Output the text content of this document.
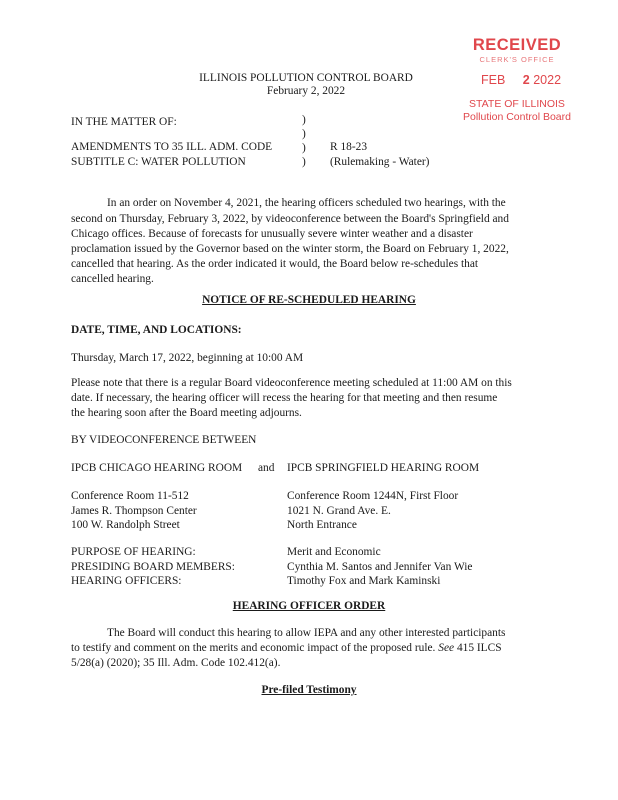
RECEIVED
CLERK'S OFFICE
FEB 2 2022
STATE OF ILLINOIS
Pollution Control Board
ILLINOIS POLLUTION CONTROL BOARD
February 2, 2022
IN THE MATTER OF:
AMENDMENTS TO 35 ILL. ADM. CODE
SUBTITLE C: WATER POLLUTION
)
)
)
)
R 18-23
(Rulemaking - Water)
In an order on November 4, 2021, the hearing officers scheduled two hearings, with the
second on Thursday, February 3, 2022, by videoconference between the Board's Springfield and
Chicago offices. Because of forecasts for unusually severe winter weather and a disaster
proclamation issued by the Governor based on the winter storm, the Board on February 1, 2022,
cancelled that hearing. As the order indicated it would, the Board below re-schedules that
cancelled hearing.
NOTICE OF RE-SCHEDULED HEARING
DATE, TIME, AND LOCATIONS:
Thursday, March 17, 2022, beginning at 10:00 AM
Please note that there is a regular Board videoconference meeting scheduled at 11:00 AM on this
date. If necessary, the hearing officer will recess the hearing for that meeting and then resume
the hearing soon after the Board meeting adjourns.
BY VIDEOCONFERENCE BETWEEN
IPCB CHICAGO HEARING ROOM and IPCB SPRINGFIELD HEARING ROOM
Conference Room 11-512
James R. Thompson Center
100 W. Randolph Street
Conference Room 1244N, First Floor
1021 N. Grand Ave. E.
North Entrance
PURPOSE OF HEARING:
PRESIDING BOARD MEMBERS:
HEARING OFFICERS:
Merit and Economic
Cynthia M. Santos and Jennifer Van Wie
Timothy Fox and Mark Kaminski
HEARING OFFICER ORDER
The Board will conduct this hearing to allow IEPA and any other interested participants
to testify and comment on the merits and economic impact of the proposed rule. See 415 ILCS
5/28(a) (2020); 35 Ill. Adm. Code 102.412(a).
Pre-filed Testimony
